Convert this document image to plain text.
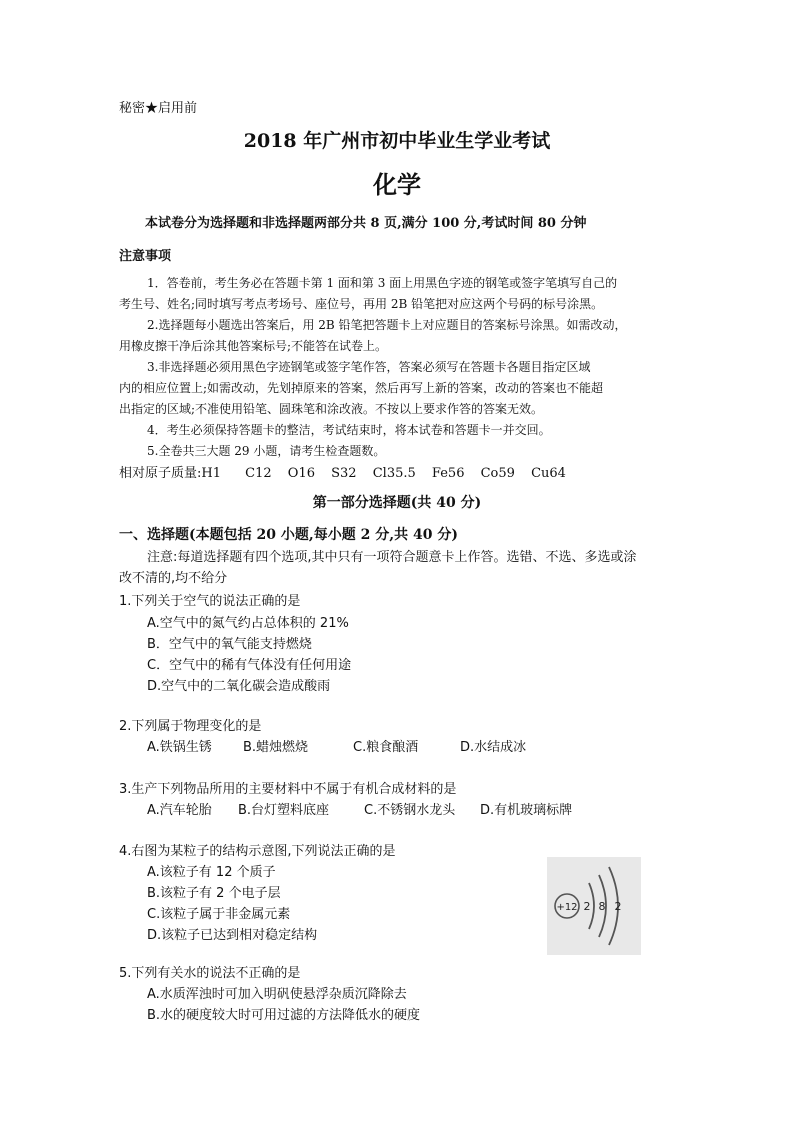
秘密★启用前
2018 年广州市初中毕业生学业考试
化学
本试卷分为选择题和非选择题两部分共 8 页,满分 100 分,考试时间 80 分钟
注意事项
1．答卷前，考生务必在答题卡第 1 面和第 3 面上用黑色字迹的钢笔或签字笔填写自己的
考生号、姓名;同时填写考点考场号、座位号，再用 2B 铅笔把对应这两个号码的标号涂黑。
2.选择题每小题选出答案后，用 2B 铅笔把答题卡上对应题目的答案标号涂黑。如需改动，
用橡皮擦干净后涂其他答案标号;不能答在试卷上。
3.非选择题必须用黑色字迹钢笔或签字笔作答，答案必须写在答题卡各题目指定区域
内的相应位置上;如需改动，先划掉原来的答案，然后再写上新的答案，改动的答案也不能超
出指定的区域;不准使用铅笔、圆珠笔和涂改液。不按以上要求作答的答案无效。
4．考生必须保持答题卡的整洁，考试结束时，将本试卷和答题卡一并交回。
5.全卷共三大题 29 小题，请考生检查题数。
相对原子质量:H1 C12 O16 S32 Cl35.5 Fe56 Co59 Cu64
第一部分选择题(共 40 分)
一、选择题(本题包括 20 小题,每小题 2 分,共 40 分)
注意:每道选择题有四个选项,其中只有一项符合题意卡上作答。选错、不选、多选或涂
改不清的,均不给分
1.下列关于空气的说法正确的是
A.空气中的氮气约占总体积的 21%
B．空气中的氧气能支持燃烧
C．空气中的稀有气体没有任何用途
D.空气中的二氧化碳会造成酸雨
2.下列属于物理变化的是
A.铁锅生锈 B.蜡烛燃烧	C.粮食酿酒	D.水结成冰
3.生产下列物品所用的主要材料中不属于有机合成材料的是
A.汽车轮胎 B.台灯塑料底座	C.不锈钢水龙头 D.有机玻璃标牌
4.右图为某粒子的结构示意图,下列说法正确的是
A.该粒子有 12 个质子
B.该粒子有 2 个电子层
C.该粒子属于非金属元素
D.该粒子已达到相对稳定结构
+12 2 8 2
5.下列有关水的说法不正确的是
A.水质浑浊时可加入明矾使悬浮杂质沉降除去
B.水的硬度较大时可用过滤的方法降低水的硬度
